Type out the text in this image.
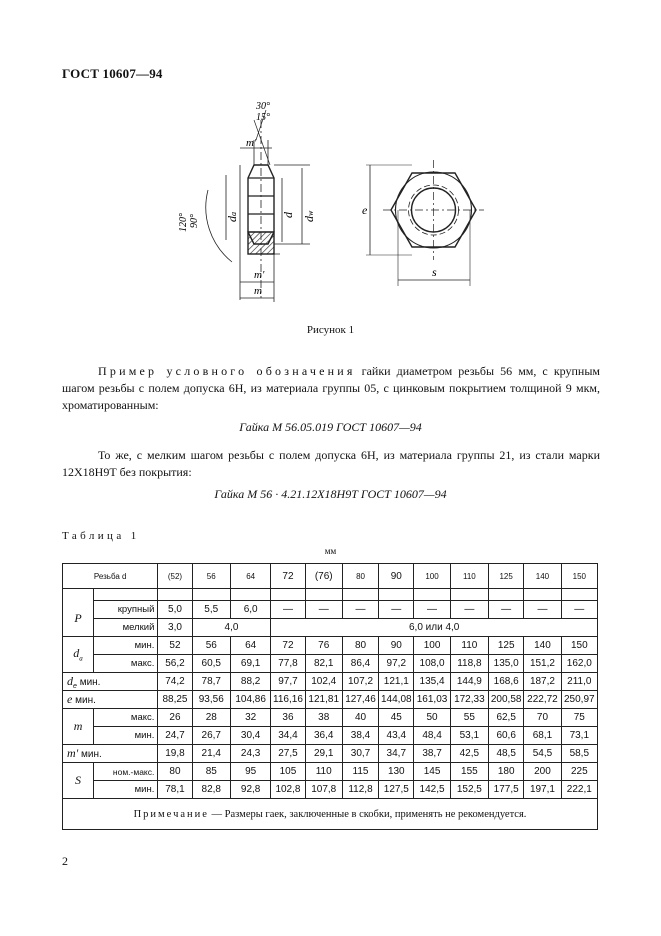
ГОСТ 10607—94
30°
15°
m'
m'
m
120° 90° da	d
dw	e
s
Рисунок 1
Пример условного обозначения гайки диаметром резьбы 56 мм, с крупным шагом резьбы с полем допуска 6Н, из материала группы 05, с цинковым покрытием толщиной 9 мкм, хроматированным:
Гайка М 56.05.019 ГОСТ 10607—94
То же, с мелким шагом резьбы с полем допуска 6Н, из материала группы 21, из стали марки 12Х18Н9Т без покрытия:
Гайка М 56 · 4.21.12Х18Н9Т ГОСТ 10607—94
Таблица 1
мм
Резьба d		(52)	56	64	72	(76)	80	90	100	110	125	140	150

P	крупный	5,0	5,5	6,0	—	—	—	—	—	—	—	—	—
	мелкий	3,0	4,0		6,0 или 4,0								
$d_a$	мин.	52	56	64	72	76	80	90	100	110	125	140	150
	макс.	56,2	60,5	69,1	77,8	82,1	86,4	97,2	108,0	118,8	135,0	151,2	162,0
$d_e$ мин.		74,2	78,7	88,2	97,7	102,4	107,2	121,1	135,4	144,9	168,6	187,2	211,0
e мин.		88,25	93,56	104,86	116,16	121,81	127,46	144,08	161,03	172,33	200,58	222,72	250,97
m	макс.	26	28	32	36	38	40	45	50	55	62,5	70	75
	мин.	24,7	26,7	30,4	34,4	36,4	38,4	43,4	48,4	53,1	60,6	68,1	73,1
m' мин.		19,8	21,4	24,3	27,5	29,1	30,7	34,7	38,7	42,5	48,5	54,5	58,5
S	ном.-макс.	80	85	95	105	110	115	130	145	155	180	200	225
	мин.	78,1	82,8	92,8	102,8	107,8	112,8	127,5	142,5	152,5	177,5	197,1	222,1
Примечание — Размеры гаек, заключенные в скобки, применять не рекомендуется.													
2
